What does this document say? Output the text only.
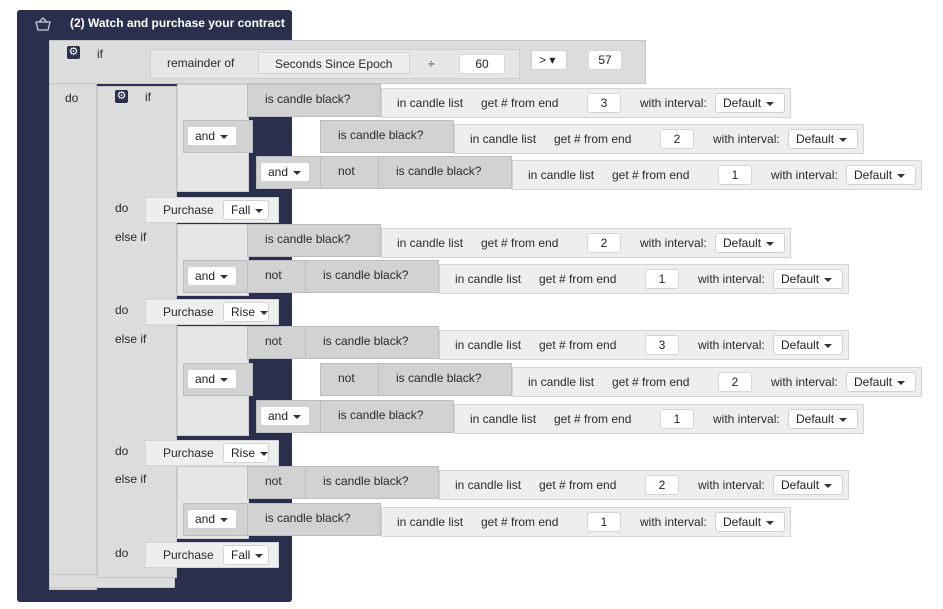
(2) Watch and purchase your contract
⚙ if
do
remainder of	Seconds Since Epoch	÷	60	> ▾	57
⚙ if	is candle black?	in candle list get # from end	3	with interval:	Default
and	is candle black?	in candle list get # from end	2	with interval:	Default
and	not	is candle black?	in candle list get # from end	1	with interval:	Default
do	Purchase	Fall
else if	is candle black?	in candle list get # from end	2	with interval:	Default
and	not	is candle black?	in candle list get # from end	1	with interval:	Default
do	Purchase	Rise
else if	not	is candle black?	in candle list get # from end	3	with interval:	Default
and	not	is candle black?	in candle list get # from end	2	with interval:	Default
and	is candle black?	in candle list get # from end	1	with interval:	Default
do	Purchase	Rise
else if	not	is candle black?	in candle list get # from end	2	with interval:	Default
and	is candle black?	in candle list get # from end	1	with interval:	Default
do	Purchase	Fall
